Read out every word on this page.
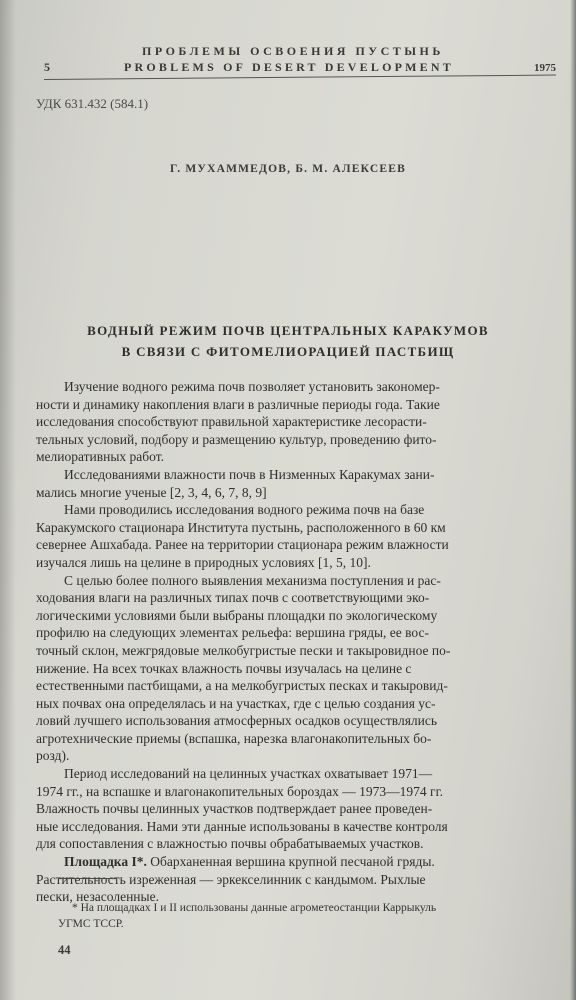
5
ПРОБЛЕМЫ ОСВОЕНИЯ ПУСТЫНЬ
PROBLEMS OF DESERT DEVELOPMENT	1975
УДК 631.432 (584.1)
Г. МУХАММЕДОВ, Б. М. АЛЕКСЕЕВ
ВОДНЫЙ РЕЖИМ ПОЧВ ЦЕНТРАЛЬНЫХ КАРАКУМОВ
В СВЯЗИ С ФИТОМЕЛИОРАЦИЕЙ ПАСТБИЩ

Изучение водного режима почв позволяет установить закономер-
ности и динамику накопления влаги в различные периоды года. Такие
исследования способствуют правильной характеристике лесорасти-
тельных условий, подбору и размещению культур, проведению фито-
мелиоративных работ.

Исследованиями влажности почв в Низменных Каракумах зани-
мались многие ученые [2, 3, 4, 6, 7, 8, 9]

Нами проводились исследования водного режима почв на базе
Каракумского стационара Института пустынь, расположенного в 60 км
севернее Ашхабада. Ранее на территории стационара режим влажности
изучался лишь на целине в природных условиях [1, 5, 10].

С целью более полного выявления механизма поступления и рас-
ходования влаги на различных типах почв с соответствующими эко-
логическими условиями были выбраны площадки по экологическому
профилю на следующих элементах рельефа: вершина гряды, ее вос-
точный склон, межгрядовые мелкобугристые пески и такыровидное по-
нижение. На всех точках влажность почвы изучалась на целине с
естественными пастбищами, а на мелкобугристых песках и такыровид-
ных почвах она определялась и на участках, где с целью создания ус-
ловий лучшего использования атмосферных осадков осуществлялись
агротехнические приемы (вспашка, нарезка влагонакопительных бо-
розд).

Период исследований на целинных участках охватывает 1971—
1974 гг., на вспашке и влагонакопительных бороздах — 1973—1974 гг.
Влажность почвы целинных участков подтверждает ранее проведен-
ные исследования. Нами эти данные использованы в качестве контроля
для сопоставления с влажностью почвы обрабатываемых участков.

Площадка I*. Обарханенная вершина крупной песчаной гряды.
Растительность изреженная — эркекселинник с кандымом. Рыхлые
пески, незасоленные.

* На площадках I и II использованы данные агрометеостанции Каррыкуль
УГМС ТССР.
44
